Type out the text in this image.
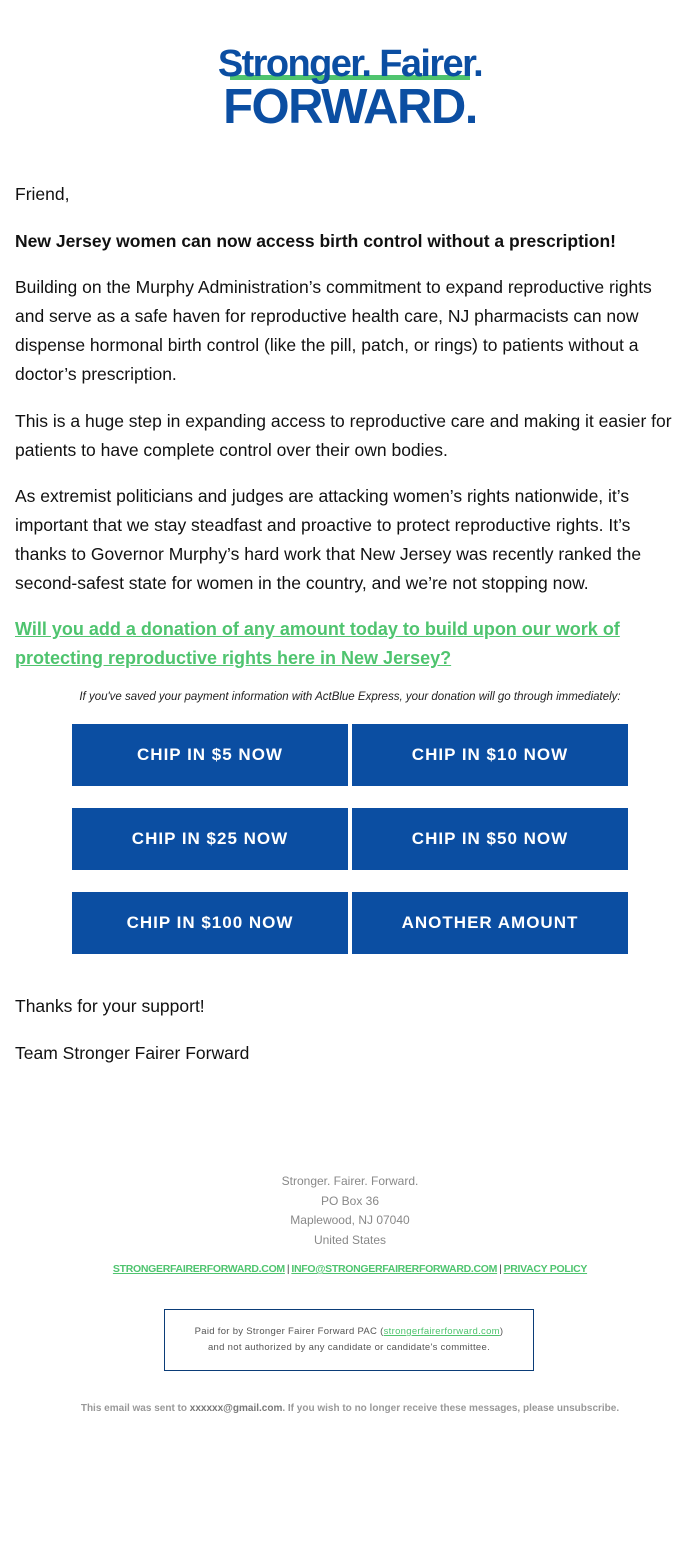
Stronger. Fairer.
FORWARD.

Friend,

New Jersey women can now access birth control without a prescription!

Building on the Murphy Administration’s commitment to expand reproductive rights and serve as a safe haven for reproductive health care, NJ pharmacists can now dispense hormonal birth control (like the pill, patch, or rings) to patients without a doctor’s prescription.

This is a huge step in expanding access to reproductive care and making it easier for patients to have complete control over their own bodies.

As extremist politicians and judges are attacking women’s rights nationwide, it’s important that we stay steadfast and proactive to protect reproductive rights. It’s thanks to Governor Murphy’s hard work that New Jersey was recently ranked the second-safest state for women in the country, and we’re not stopping now.

Will you add a donation of any amount today to build upon our work of protecting reproductive rights here in New Jersey?

If you've saved your payment information with ActBlue Express, your donation will go through immediately:
CHIP IN $5 NOW	CHIP IN $10 NOW
CHIP IN $25 NOW	CHIP IN $50 NOW
CHIP IN $100 NOW	ANOTHER AMOUNT

Thanks for your support!

Team Stronger Fairer Forward

Stronger. Fairer. Forward.
PO Box 36
Maplewood, NJ 07040
United States
STRONGERFAIRERFORWARD.COM | INFO@STRONGERFAIRERFORWARD.COM | PRIVACY POLICY
Paid for by Stronger Fairer Forward PAC (strongerfairerforward.com)
and not authorized by any candidate or candidate's committee.
This email was sent to xxxxxx@gmail.com. If you wish to no longer receive these messages, please unsubscribe.
